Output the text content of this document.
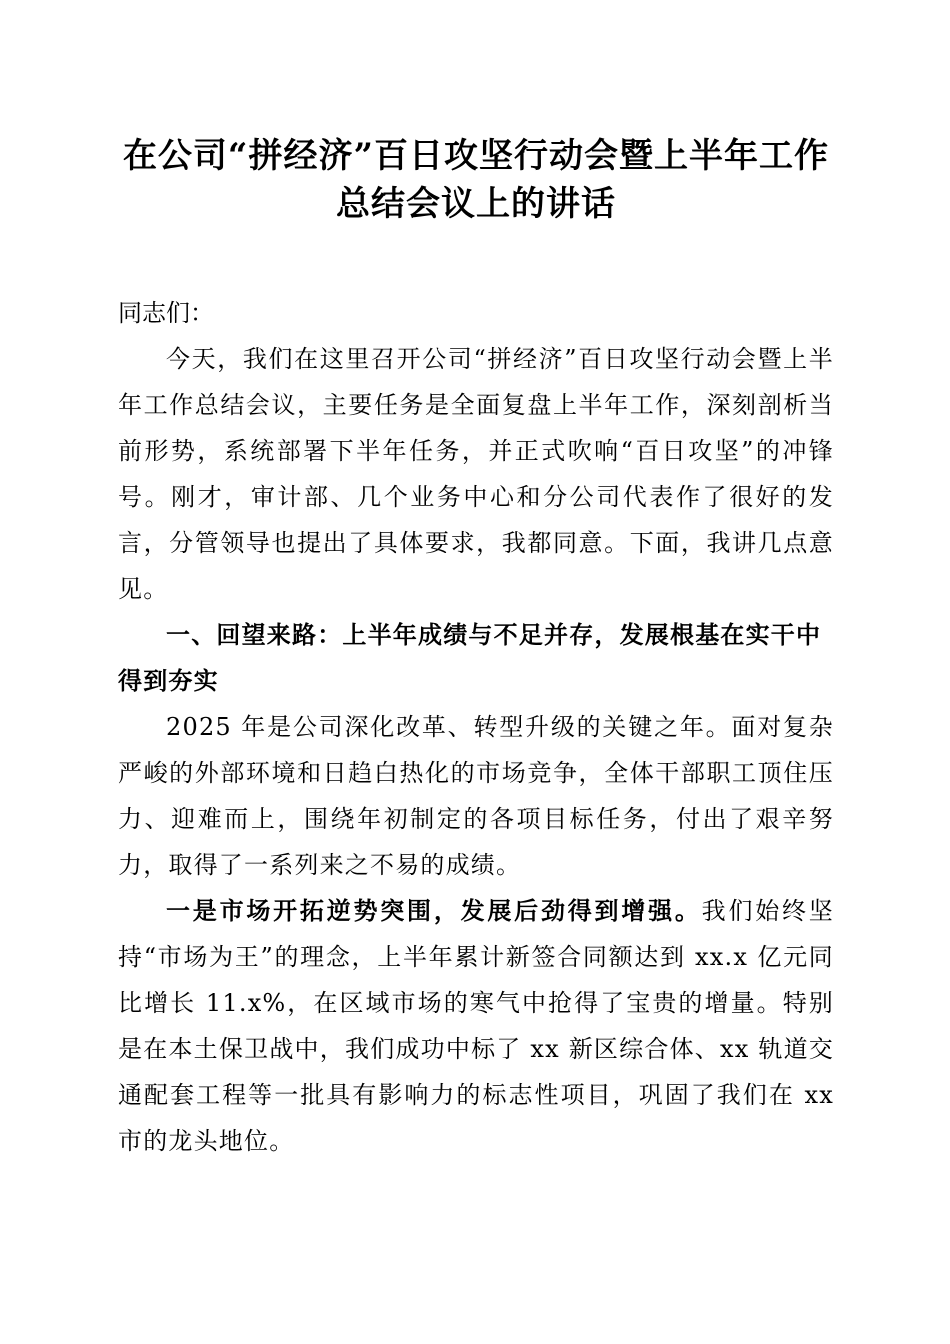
在公司“拼经济”百日攻坚行动会暨上半年工作总结会议上的讲话

同志们：

今天，我们在这里召开公司“拼经济”百日攻坚行动会暨上半年工作总结会议，主要任务是全面复盘上半年工作，深刻剖析当前形势，系统部署下半年任务，并正式吹响“百日攻坚”的冲锋号。刚才，审计部、几个业务中心和分公司代表作了很好的发言，分管领导也提出了具体要求，我都同意。下面，我讲几点意见。

一、回望来路：上半年成绩与不足并存，发展根基在实干中得到夯实

2025 年是公司深化改革、转型升级的关键之年。面对复杂严峻的外部环境和日趋白热化的市场竞争，全体干部职工顶住压力、迎难而上，围绕年初制定的各项目标任务，付出了艰辛努力，取得了一系列来之不易的成绩。

一是市场开拓逆势突围，发展后劲得到增强。我们始终坚持“市场为王”的理念，上半年累计新签合同额达到 xx.x 亿元同比增长 11.x%，在区域市场的寒气中抢得了宝贵的增量。特别是在本土保卫战中，我们成功中标了 xx 新区综合体、xx 轨道交通配套工程等一批具有影响力的标志性项目，巩固了我们在 xx 市的龙头地位。
